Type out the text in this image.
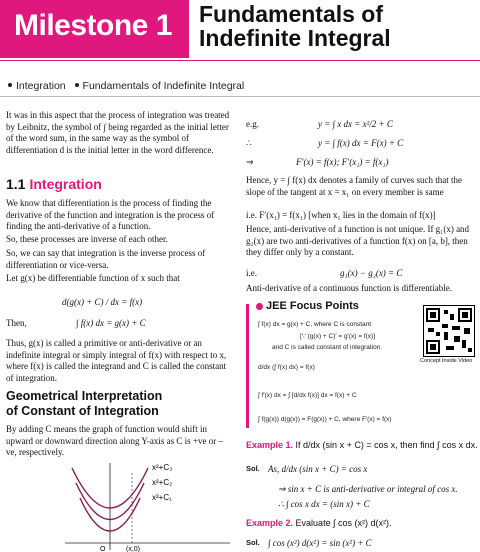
Milestone 1 Fundamentals of
Indefinite Integral
Integration Fundamentals of Indefinite Integral
It was in this aspect that the process of integration was treated by Leibnitz, the symbol of ∫ being regarded as the initial letter of the word sum, in the same way as the symbol of differentiation d is the initial letter in the word difference.
1.1 Integration
We know that differentiation is the process of finding the derivative of the function and integration is the process of finding the anti-derivative of a function.
So, these processes are inverse of each other.
So, we can say that integration is the inverse process of differentiation or vice-versa.
Let g(x) be differentiable function of x such that
d(g(x) + C) / dx = f(x)
Then,	∫ f(x) dx = g(x) + C
Thus, g(x) is called a primitive or anti-derivative or an indefinite integral or simply integral of f(x) with respect to x, where f(x) is called the integrand and C is called the constant of integration.
Geometrical Interpretation
of Constant of Integration
By adding C means the graph of function would shift in upward or downward direction along Y-axis as C is +ve or – ve, respectively.
x²+C₃
x²+C₂
x²+C₁
O	(x,0)
e.g.	y = ∫ x dx = x²/2 + C
∴	y = ∫ f(x) dx = F(x) + C
⇒	F′(x) = f(x); F′(x₁) = f(x₁)
Hence, y = ∫ f(x) dx denotes a family of curves such that the slope of the tangent at x = x₁ on every member is same
i.e. F′(x₁) = f(x₁) [when x₁ lies in the domain of f(x)]
Hence, anti-derivative of a function is not unique. If g₁(x) and g₂(x) are two anti-derivatives of a function f(x) on [a, b], then they differ only by a constant.
i.e.	g₁(x) − g₂(x) = C
Anti-derivative of a continuous function is differentiable.
JEE Focus Points
∫ f(x) dx = g(x) + C, where C is constant
[∵ (g(x) + C)′ = g′(x) = f(x)]
and C is called constant of integration.
d/dx (∫ f(x) dx) = f(x)
∫ f′(x) dx = ∫ [d/dx f(x)] dx = f(x) + C
∫ f(g(x)) d(g(x)) = F(g(x)) + C, where F′(x) = f(x)
Concept Inside Video
Example 1. If d/dx (sin x + C) = cos x, then find ∫ cos x dx.
Sol. As, d/dx (sin x + C) = cos x
⇒ sin x + C is anti-derivative or integral of cos x.
∴ ∫ cos x dx = (sin x) + C
Example 2. Evaluate ∫ cos (x²) d(x²).
Sol. ∫ cos (x²) d(x²) = sin (x²) + C
